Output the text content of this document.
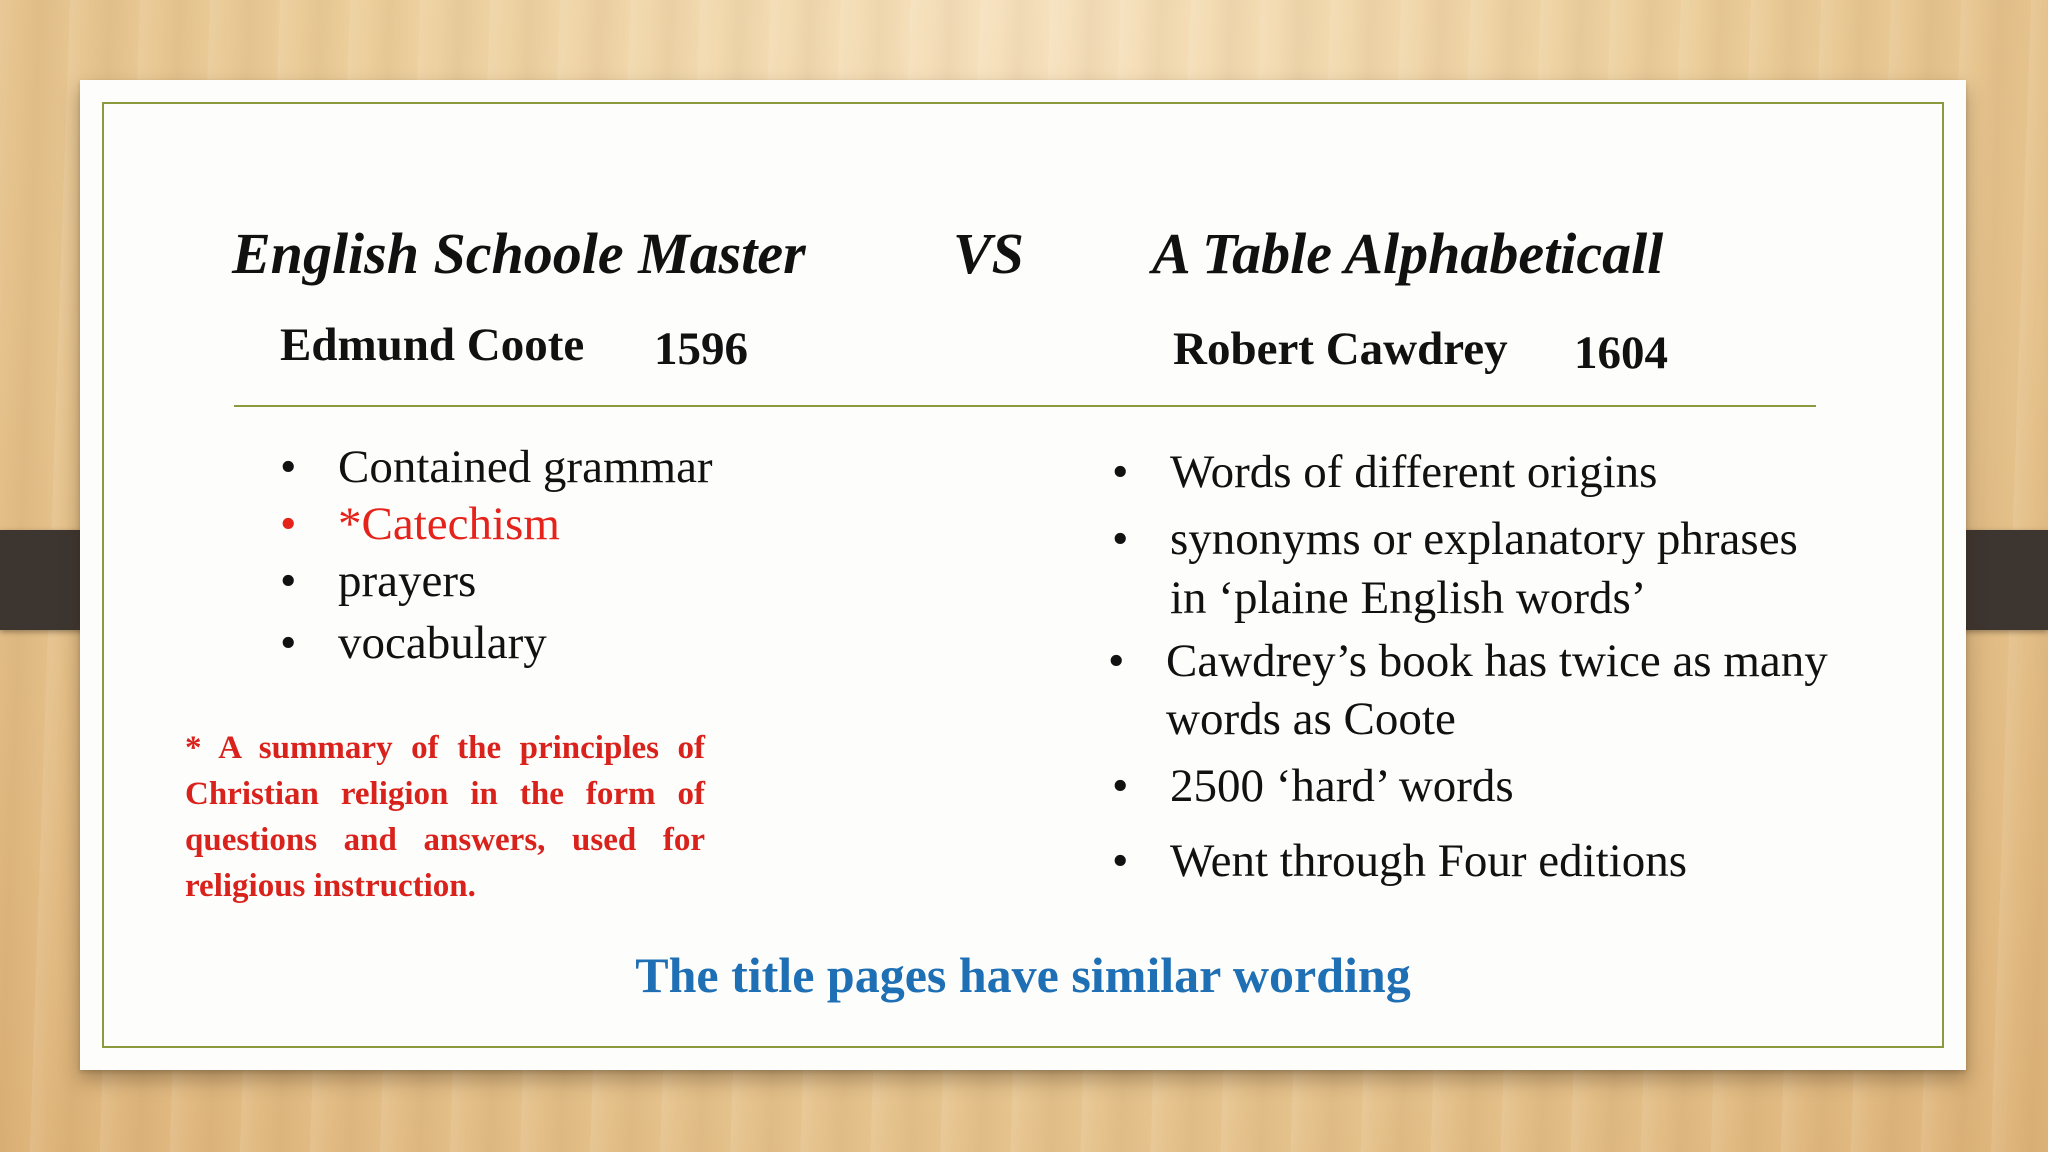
English Schoole Master	VS A Table Alphabeticall
Edmund Coote 1596	Robert Cawdrey 1604
• Contained grammar
• *Catechism
• prayers
• vocabulary
* A summary of the principles of Christian religion in the form of questions and answers, used for religious instruction.
• Words of different origins
• synonyms or explanatory phrases
in ‘plaine English words’
• Cawdrey’s book has twice as many
words as Coote
• 2500 ‘hard’ words
• Went through Four editions
The title pages have similar wording
